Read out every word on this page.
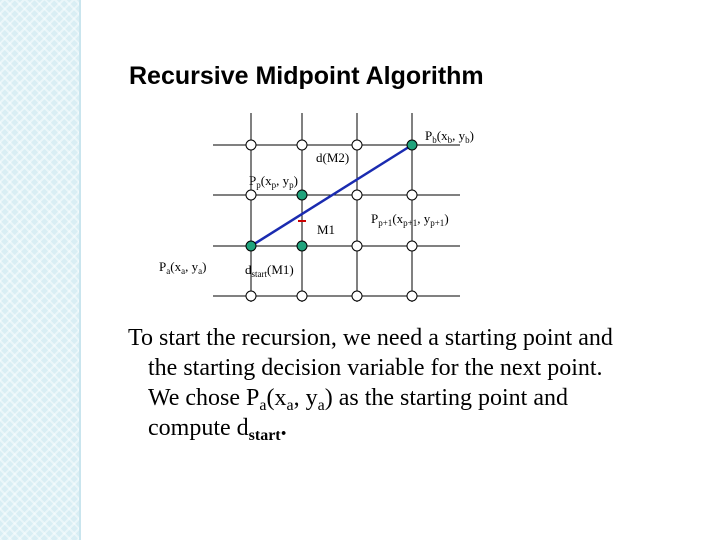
Recursive Midpoint Algorithm
$P_b(x_b$, $y_b$)
d(M2)
$P_p(x_p$, $y_p$)
M1
$P_{p+1}(x_{p+1}$, $y_{p+1}$)
$P_a(x_a$, $y_a$)	$d_{start}(M1)$
To start the recursion, we need a starting point and
the starting decision variable for the next point.
We chose $P_a(x_a$, $y_a$) as the starting point and
compute $d_{start}$.
